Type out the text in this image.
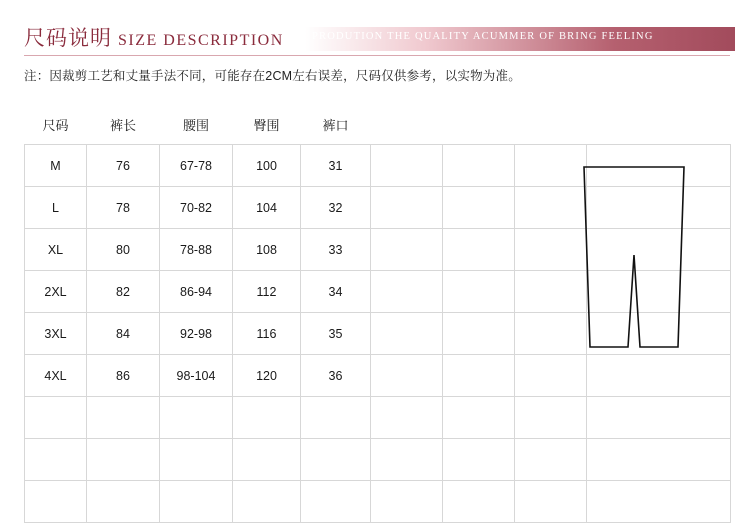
尺码说明 SIZE DESCRIPTION	PRODUTION THE QUALITY ACUMMER OF BRING FEELING
注：因裁剪工艺和丈量手法不同，可能存在2CM左右误差，尺码仅供参考，以实物为准。
尺码	裤长	腰围	臀围	裤口				
M	76	67-78	100	31				
L	78	70-82	104	32				
XL	80	78-88	108	33				
2XL	82	86-94	112	34				
3XL	84	92-98	116	35				
4XL	86	98-104	120	36				
